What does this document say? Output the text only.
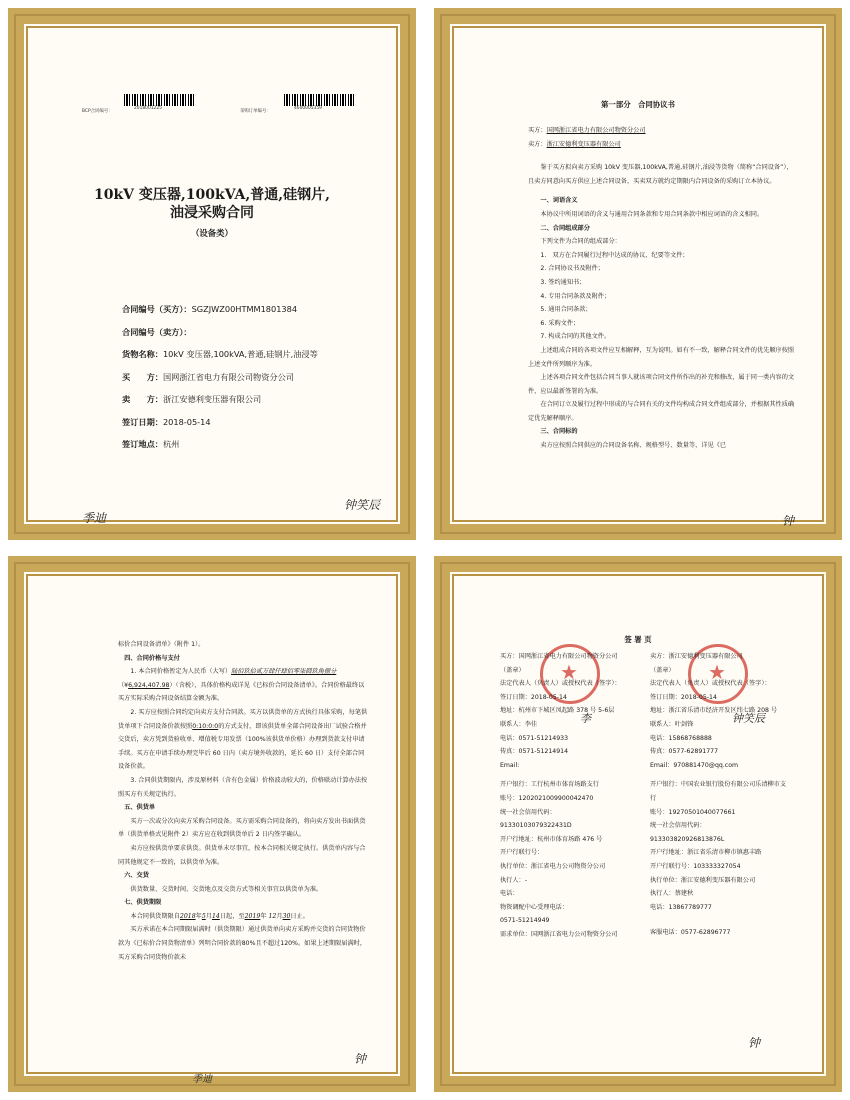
BCP合同编号：
2018001225
采购订单编号：
4600005359
10kV 变压器,100kVA,普通,硅钢片,
油浸采购合同
（设备类）
合同编号（买方）：SGZJWZ00HTMM1801384
合同编号（卖方）：
货物名称：10kV 变压器,100kVA,普通,硅钢片,油浸等
买　　方：国网浙江省电力有限公司物资分公司
卖　　方：浙江安德利变压器有限公司
签订日期：2018-05-14
签订地点：杭州
季迪
钟笑辰
第一部分　合同协议书
买方：国网浙江省电力有限公司物资分公司
卖方：浙江安德利变压器有限公司
鉴于买方拟向卖方采购 10kV 变压器,100kVA,普通,硅钢片,油浸等货物（简称“合同设备”），且卖方同意向买方供应上述合同设备，买卖双方就约定期限内合同设备的采购订立本协议。
一、词语含义
本协议中所用词语的含义与通用合同条款和专用合同条款中相应词语的含义相同。
二、合同组成部分
下列文件为合同的组成部分：
1.　双方在合同履行过程中达成的协议、纪要等文件；
2. 合同协议书及附件；
3. 签约通知书；
4. 专用合同条款及附件；
5. 通用合同条款；
6. 采购文件；
7. 构成合同的其他文件。
上述组成合同的各项文件应互相解释，互为说明。如有不一致，解释合同文件的优先顺序按照上述文件所列顺序为准。
上述各项合同文件包括合同当事人就该项合同文件所作出的补充和修改，属于同一类内容的文件，应以最新签署的为准。
在合同订立及履行过程中形成的与合同有关的文件均构成合同文件组成部分，并根据其性质确定优先解释顺序。
三、合同标的
卖方应按照合同供应的合同设备名称、规格型号、数量等，详见《已
钟
标价合同设备清单》（附件 1）。
四、合同价格与支付
1. 本合同价格暂定为人民币（大写）陆佰玖拾贰万肆仟肆佰零柒圆玖角捌分（¥6,924,407.98）（含税），具体价格构成详见《已标价合同设备清单》。合同价格最终以买方实际采购合同设备结算金额为准。
2. 买方应按照合同约定向卖方支付合同款。买方以供货单的方式执行具体采购，每笔供货单项下合同设备价款按照0:10:0:0的方式支付，即该供货单全部合同设备出厂试验合格并交货后，卖方凭到货验收单、增值税专用发票（100%该供货单价格）办理到货款支付申请手续。买方在申请手续办理完毕后 60 日内（卖方境外收款的，延长 60 日）支付全部合同设备价款。
3. 合同供货期限内，涉及原材料（含有色金属）价格波动较大的，价格联动计算办法按照买方有关规定执行。
五、供货单
买方一次或分次向卖方采购合同设备。买方需采购合同设备的，将向卖方发出书面供货单（供货单格式见附件 2）卖方应在收到供货单后 2 日内签字确认。
卖方应按供货单要求供货。供货单未尽事宜，按本合同相关规定执行。供货单内容与合同其他规定不一致的，以供货单为准。
六、交货
供货数量、交货时间、交货地点及交货方式等相关事宜以供货单为准。
七、供货期限
本合同供货期限自2018年5月14日起，至2019年 12月30日止。
买方承诺在本合同期限届满时（供货期限）通过供货单向卖方采购并交货的合同货物价款为《已标价合同货物清单》列明合同价款的80%且不超过120%。如果上述期限届满时，买方采购合同货物价款未
季迪
钟
签 署 页
★	★
买方：国网浙江省电力有限公司物资分公司
（盖章）
法定代表人（负责人）或授权代表（签字）：
签订日期：2018-05-14
地址：杭州市下城区凤起路 378 号 5-6层
联系人：李佳
电话：0571-51214933
传真：0571-51214914
Email:
开户银行：工行杭州市体育场路支行
账号：1202021009900042470
统一社会信用代码：
91330103079322431D
开户行地址：杭州市体育场路 476 号
开户行联行号：
执行单位：浙江省电力公司物资分公司
执行人：-
电话：
物资调配中心受理电话：
0571-51214949
需求单位：国网浙江省电力公司物资分公司
卖方：浙江安德利变压器有限公司
（盖章）
法定代表人（负责人）或授权代表（签字）：
签订日期：2018-05-14
地址：浙江省乐清市经济开发区纬七路 208 号
联系人：叶剑锋
电话：15868768888
传真：0577-62891777
Email：970881470@qq.com
开户银行：中国农业银行股份有限公司乐清柳市支行
账号：19270501040077661
统一社会信用代码：
913303820926813876L
开户行地址：浙江省乐清市柳市镇惠丰路
开户行联行号：103333327054
执行单位：浙江安德利变压器有限公司
执行人：蔡建秋
电话：13867789777
客服电话：0577-62896777
李	钟笑辰
钟
